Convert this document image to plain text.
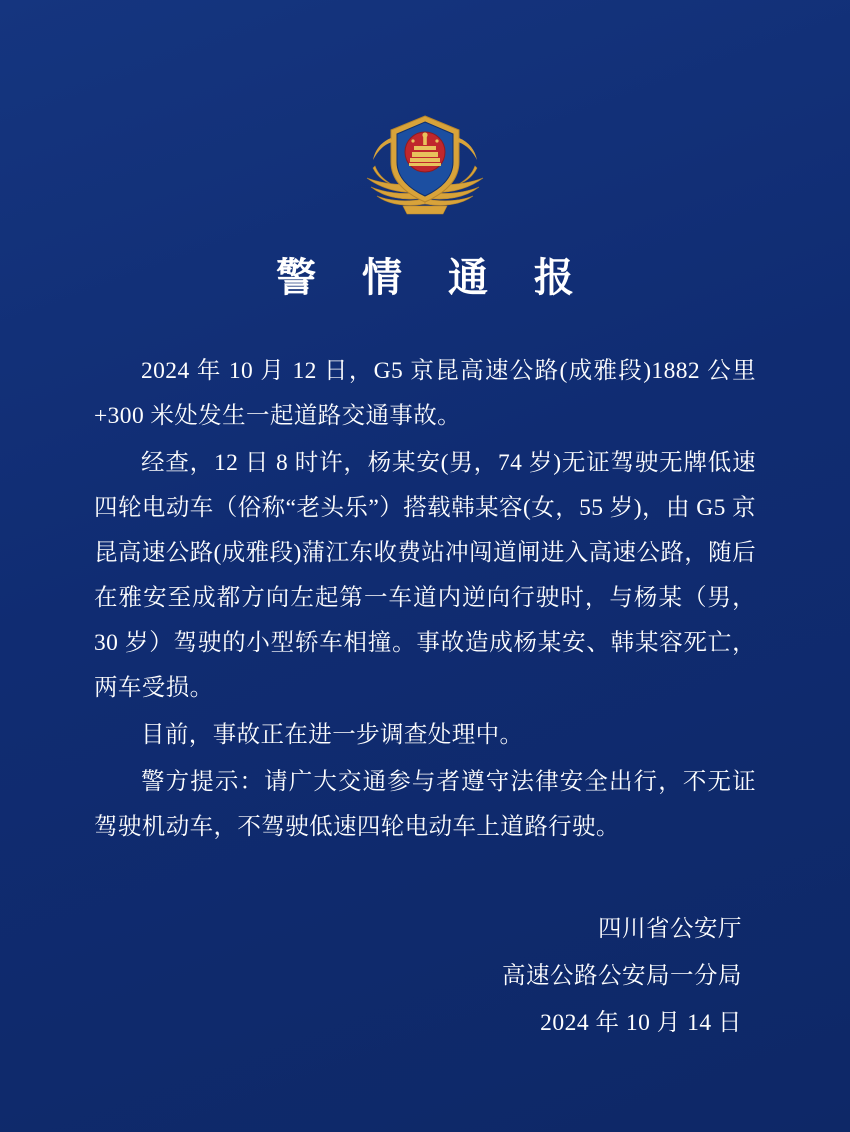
警 情 通 报

2024 年 10 月 12 日，G5 京昆高速公路(成雅段)1882 公里+300 米处发生一起道路交通事故。

经查，12 日 8 时许，杨某安(男，74 岁)无证驾驶无牌低速四轮电动车（俗称“老头乐”）搭载韩某容(女，55 岁)，由 G5 京昆高速公路(成雅段)蒲江东收费站冲闯道闸进入高速公路，随后在雅安至成都方向左起第一车道内逆向行驶时，与杨某（男，30 岁）驾驶的小型轿车相撞。事故造成杨某安、韩某容死亡，两车受损。

目前，事故正在进一步调查处理中。

警方提示：请广大交通参与者遵守法律安全出行，不无证驾驶机动车，不驾驶低速四轮电动车上道路行驶。

四川省公安厅
高速公路公安局一分局
2024 年 10 月 14 日
